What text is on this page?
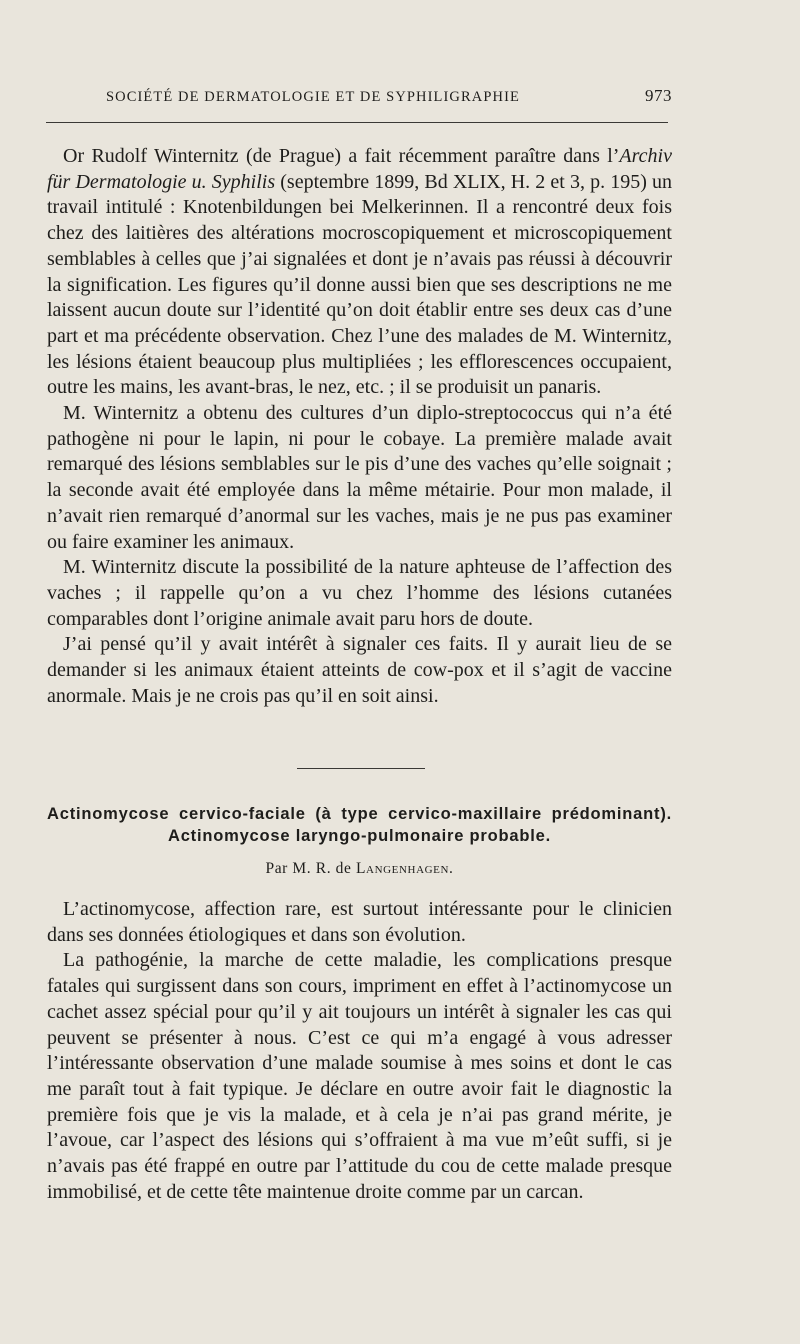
SOCIÉTÉ DE DERMATOLOGIE ET DE SYPHILIGRAPHIE	973

Or Rudolf Winternitz (de Prague) a fait récemment paraître dans l’Archiv für Dermatologie u. Syphilis (septembre 1899, Bd XLIX, H. 2 et 3, p. 195) un travail intitulé : Knotenbildungen bei Melkerinnen. Il a rencontré deux fois chez des laitières des altérations mocroscopiquement et microscopiquement semblables à celles que j’ai signalées et dont je n’avais pas réussi à découvrir la signification. Les figures qu’il donne aussi bien que ses descriptions ne me laissent aucun doute sur l’identité qu’on doit établir entre ses deux cas d’une part et ma précédente observation. Chez l’une des malades de M. Winternitz, les lésions étaient beaucoup plus multipliées ; les efflorescences occupaient, outre les mains, les avant-bras, le nez, etc. ; il se produisit un panaris.

M. Winternitz a obtenu des cultures d’un diplo-streptococcus qui n’a été pathogène ni pour le lapin, ni pour le cobaye. La première malade avait remarqué des lésions semblables sur le pis d’une des vaches qu’elle soignait ; la seconde avait été employée dans la même métairie. Pour mon malade, il n’avait rien remarqué d’anormal sur les vaches, mais je ne pus pas examiner ou faire examiner les animaux.

M. Winternitz discute la possibilité de la nature aphteuse de l’affection des vaches ; il rappelle qu’on a vu chez l’homme des lésions cutanées comparables dont l’origine animale avait paru hors de doute.

J’ai pensé qu’il y avait intérêt à signaler ces faits. Il y aurait lieu de se demander si les animaux étaient atteints de cow-pox et il s’agit de vaccine anormale. Mais je ne crois pas qu’il en soit ainsi.

Actinomycose cervico-faciale (à type cervico-maxillaire prédominant). Actinomycose laryngo-pulmonaire probable.
Par M. R. de Langenhagen.

L’actinomycose, affection rare, est surtout intéressante pour le clinicien dans ses données étiologiques et dans son évolution.

La pathogénie, la marche de cette maladie, les complications presque fatales qui surgissent dans son cours, impriment en effet à l’actinomycose un cachet assez spécial pour qu’il y ait toujours un intérêt à signaler les cas qui peuvent se présenter à nous. C’est ce qui m’a engagé à vous adresser l’intéressante observation d’une malade soumise à mes soins et dont le cas me paraît tout à fait typique. Je déclare en outre avoir fait le diagnostic la première fois que je vis la malade, et à cela je n’ai pas grand mérite, je l’avoue, car l’aspect des lésions qui s’offraient à ma vue m’eût suffi, si je n’avais pas été frappé en outre par l’attitude du cou de cette malade presque immobilisé, et de cette tête maintenue droite comme par un carcan.
